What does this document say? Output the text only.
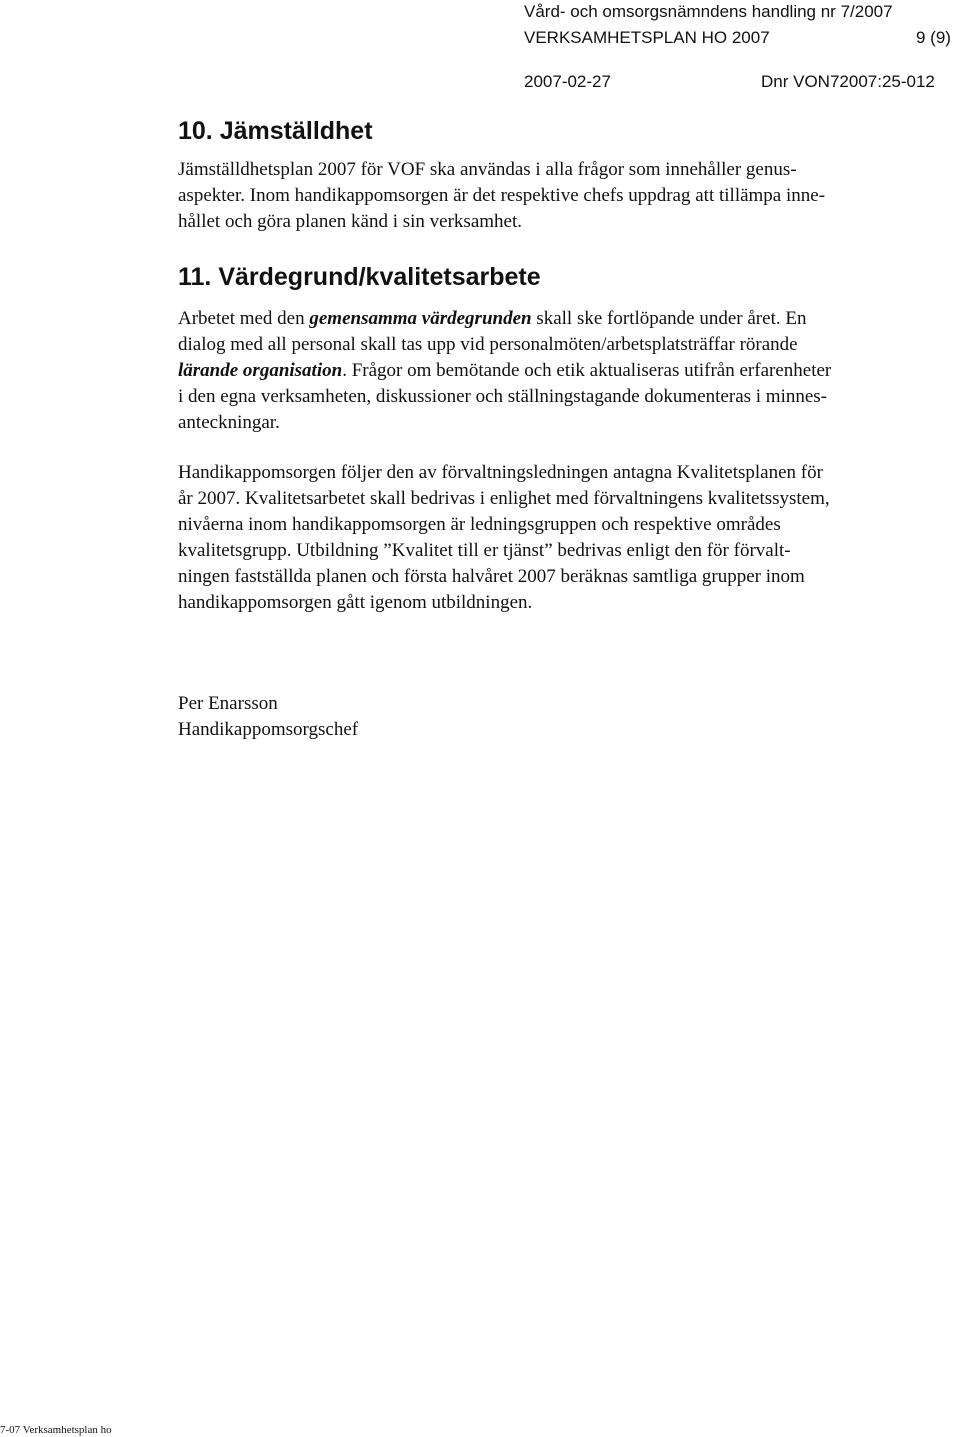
Vård- och omsorgsnämndens handling nr 7/2007
VERKSAMHETSPLAN HO 2007	9 (9)
2007-02-27	Dnr VON72007:25-012
10. Jämställdhet

Jämställdhetsplan 2007 för VOF ska användas i alla frågor som innehåller genus-
aspekter. Inom handikappomsorgen är det respektive chefs uppdrag att tillämpa inne-
hållet och göra planen känd i sin verksamhet.

11. Värdegrund/kvalitetsarbete

Arbetet med den gemensamma värdegrunden skall ske fortlöpande under året. En
dialog med all personal skall tas upp vid personalmöten/arbetsplatsträffar rörande
lärande organisation. Frågor om bemötande och etik aktualiseras utifrån erfarenheter
i den egna verksamheten, diskussioner och ställningstagande dokumenteras i minnes-
anteckningar.

Handikappomsorgen följer den av förvaltningsledningen antagna Kvalitetsplanen för
år 2007. Kvalitetsarbetet skall bedrivas i enlighet med förvaltningens kvalitetssystem,
nivåerna inom handikappomsorgen är ledningsgruppen och respektive områdes
kvalitetsgrupp. Utbildning ”Kvalitet till er tjänst” bedrivas enligt den för förvalt-
ningen fastställda planen och första halvåret 2007 beräknas samtliga grupper inom
handikappomsorgen gått igenom utbildningen.

Per Enarsson
Handikappomsorgschef
7-07 Verksamhetsplan ho
